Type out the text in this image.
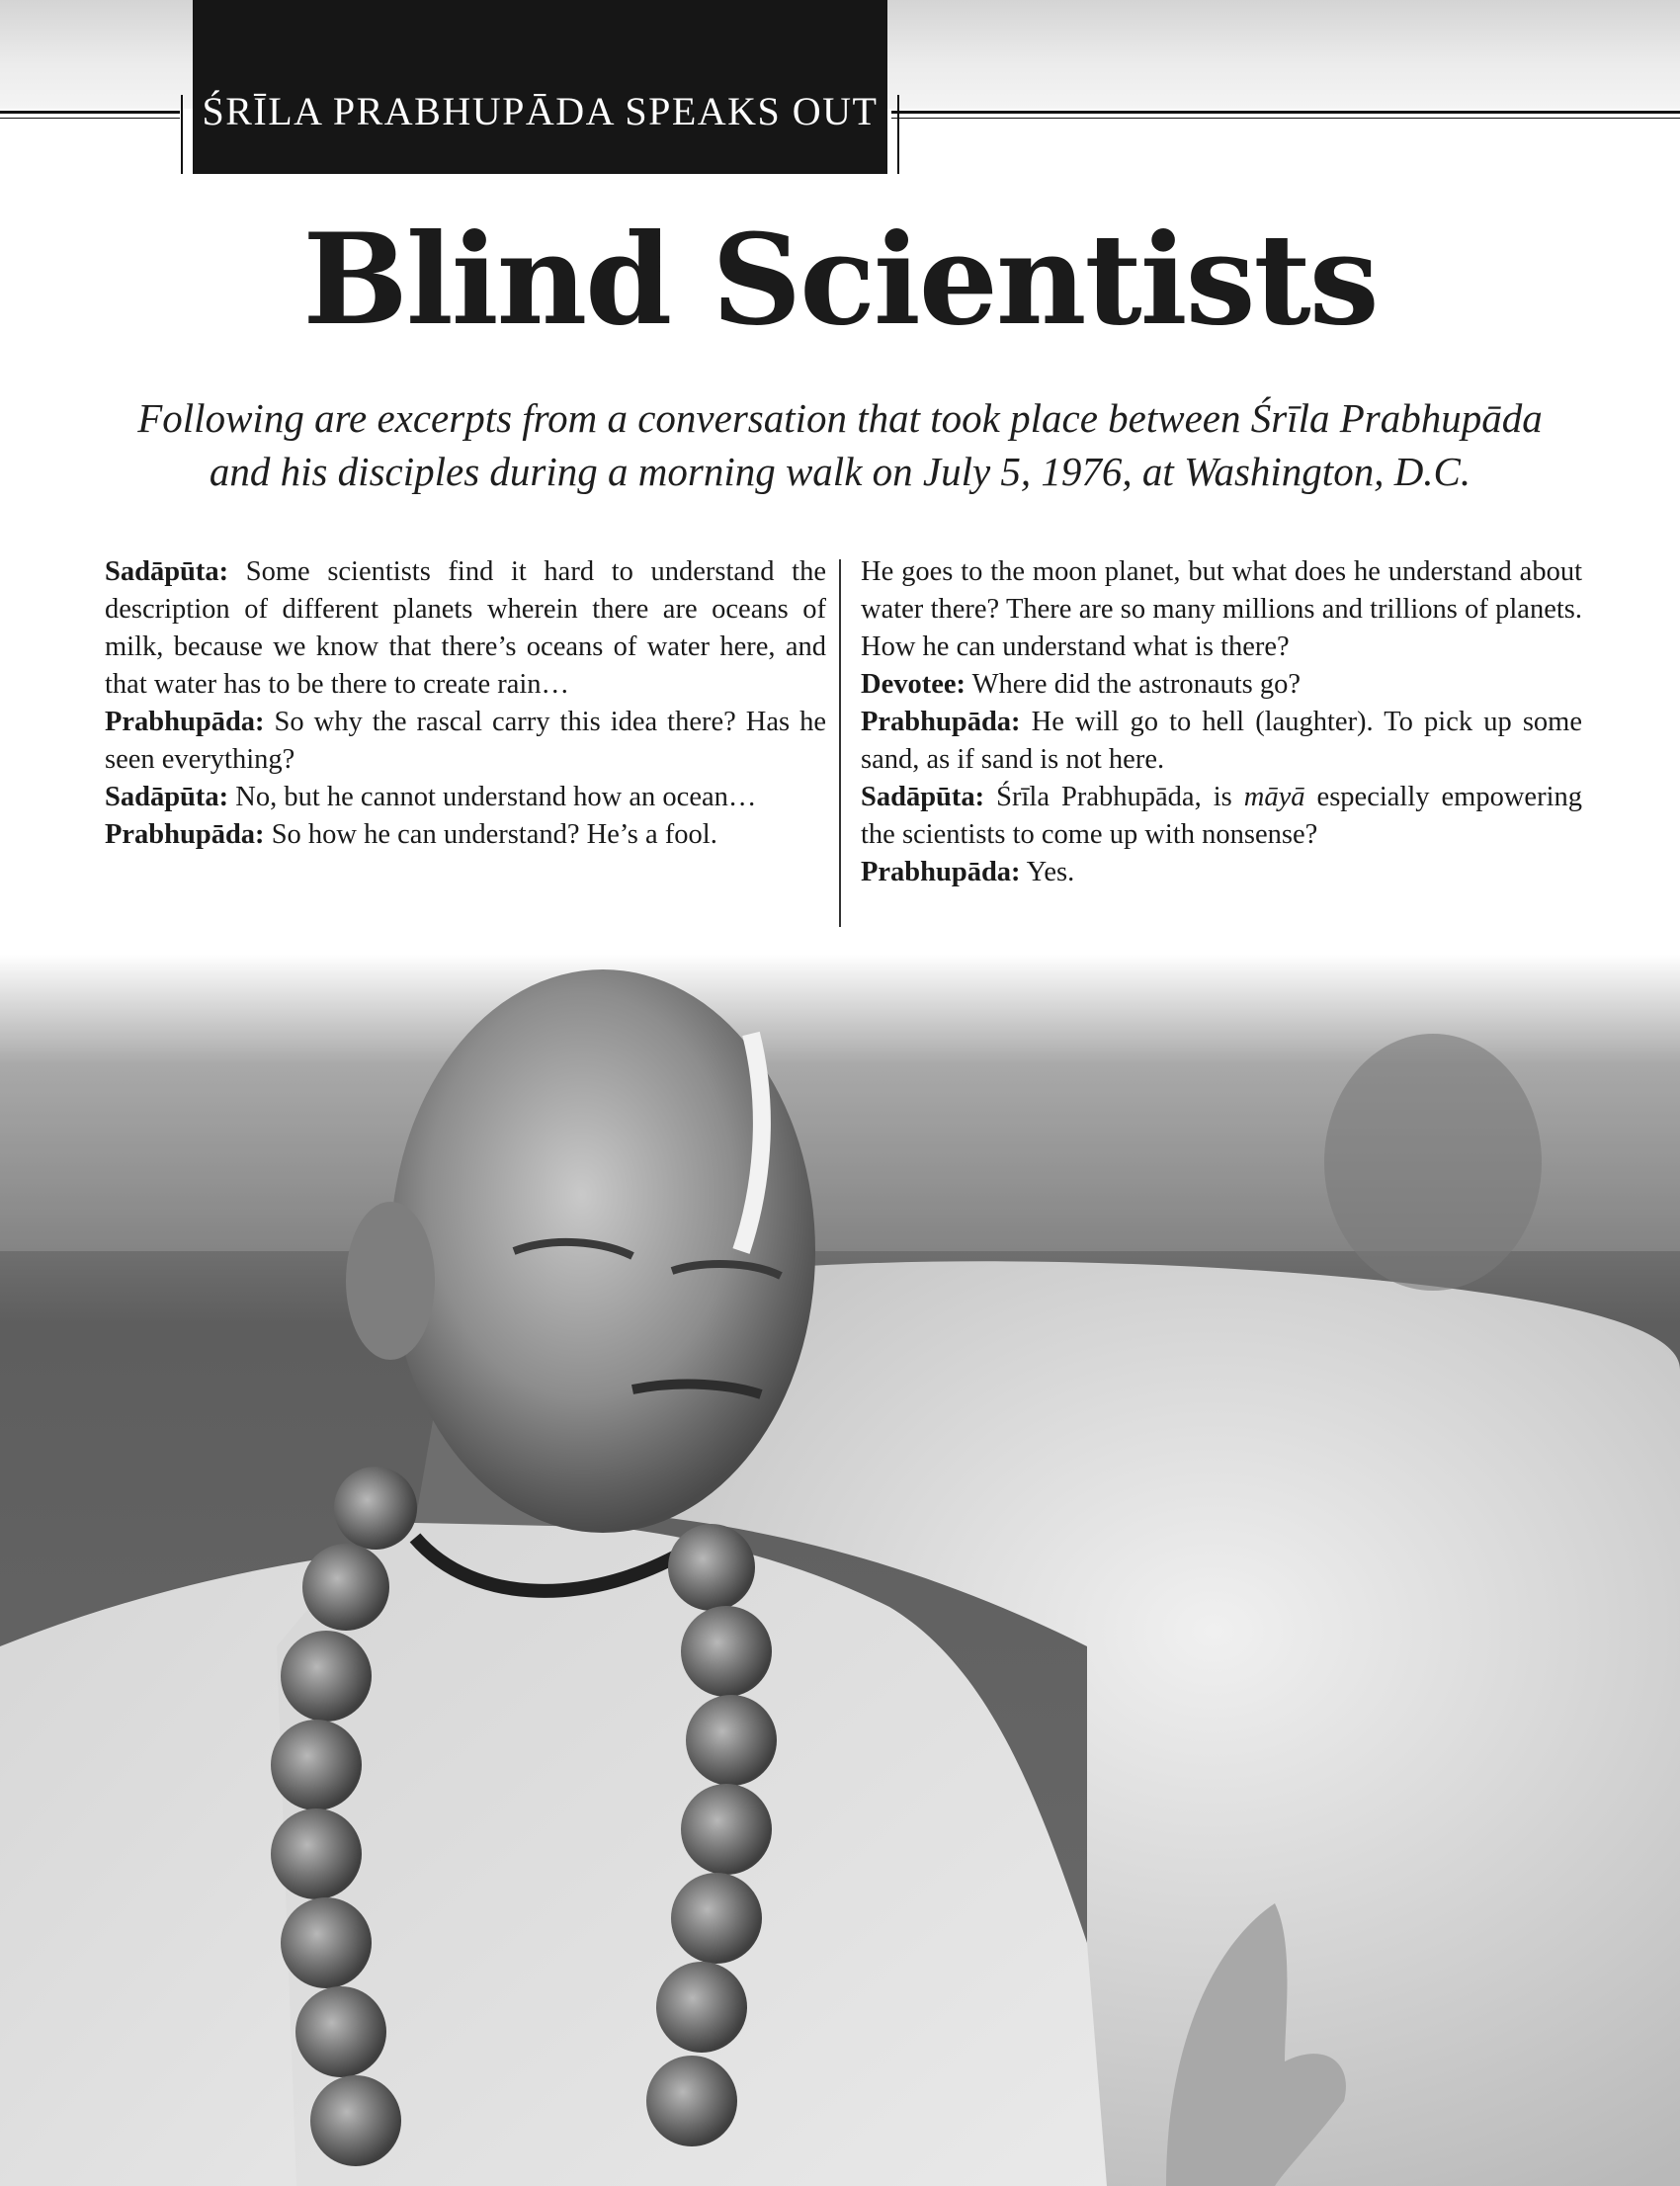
ŚRĪLA PRABHUPĀDA SPEAKS OUT
Blind Scientists
Following are excerpts from a conversation that took place between Śrīla Prabhupāda
and his disciples during a morning walk on July 5, 1976, at Washington, D.C.

Sadāpūta: Some scientists find it hard to understand the description of different planets wherein there are oceans of milk, because we know that there’s oceans of water here, and that water has to be there to create rain…

Prabhupāda: So why the rascal carry this idea there? Has he seen everything?

Sadāpūta: No, but he cannot understand how an ocean…

Prabhupāda: So how he can understand? He’s a fool.

He goes to the moon planet, but what does he understand about water there? There are so many millions and trillions of planets. How he can understand what is there?

Devotee: Where did the astronauts go?

Prabhupāda: He will go to hell (laughter). To pick up some sand, as if sand is not here.

Sadāpūta: Śrīla Prabhupāda, is māyā especially empowering the scientists to come up with nonsense?

Prabhupāda: Yes.
